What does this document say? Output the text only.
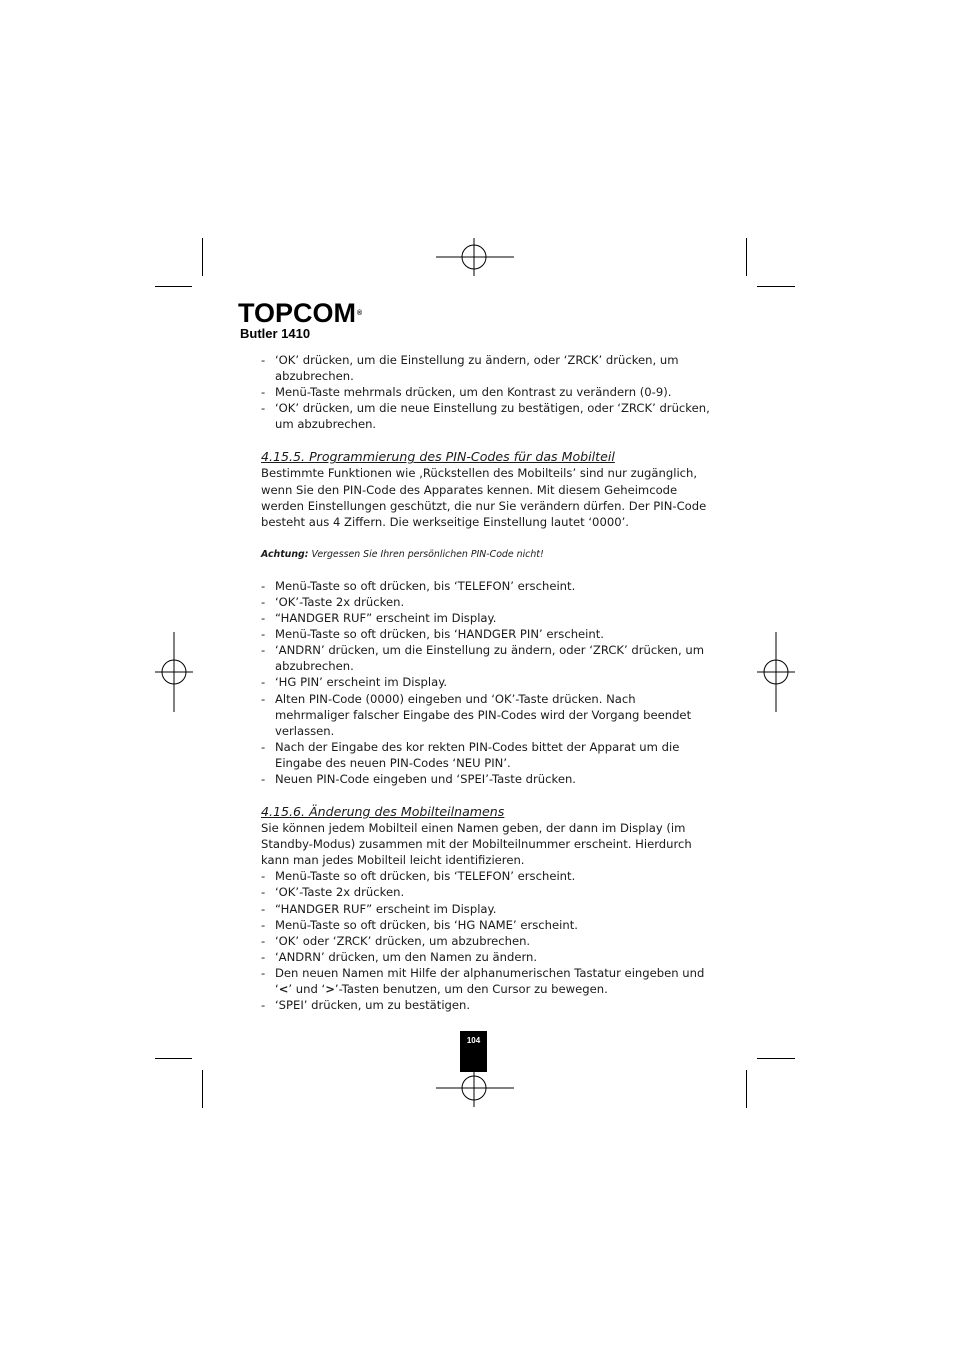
TOPCOM®
Butler 1410
- ‘OK’ drücken, um die Einstellung zu ändern, oder ‘ZRCK’ drücken, um abzubrechen.
- Menü-Taste mehrmals drücken, um den Kontrast zu verändern (0-9).
- ‘OK’ drücken, um die neue Einstellung zu bestätigen, oder ‘ZRCK’ drücken, um abzubrechen.
4.15.5. Programmierung des PIN-Codes für das Mobilteil

Bestimmte Funktionen wie ‚Rückstellen des Mobilteils’ sind nur zugänglich, wenn Sie den PIN-Code des Apparates kennen. Mit diesem Geheimcode werden Einstellungen geschützt, die nur Sie verändern dürfen. Der PIN-Code besteht aus 4 Ziffern. Die werkseitige Einstellung lautet ‘0000’.

Achtung: Vergessen Sie Ihren persönlichen PIN-Code nicht!

- Menü-Taste so oft drücken, bis ‘TELEFON’ erscheint.
- ‘OK’-Taste 2x drücken.
- “HANDGER RUF” erscheint im Display.
- Menü-Taste so oft drücken, bis ‘HANDGER PIN’ erscheint.
- ‘ANDRN’ drücken, um die Einstellung zu ändern, oder ‘ZRCK’ drücken, um abzubrechen.
- ‘HG PIN’ erscheint im Display.
- Alten PIN-Code (0000) eingeben und ‘OK’-Taste drücken. Nach mehrmaliger falscher Eingabe des PIN-Codes wird der Vorgang beendet verlassen.
- Nach der Eingabe des kor rekten PIN-Codes bittet der Apparat um die Eingabe des neuen PIN-Codes ‘NEU PIN’.
- Neuen PIN-Code eingeben und ‘SPEI’-Taste drücken.
4.15.6. Änderung des Mobilteilnamens

Sie können jedem Mobilteil einen Namen geben, der dann im Display (im Standby-Modus) zusammen mit der Mobilteilnummer erscheint. Hierdurch kann man jedes Mobilteil leicht identifizieren.

- Menü-Taste so oft drücken, bis ‘TELEFON’ erscheint.
- ‘OK’-Taste 2x drücken.
- “HANDGER RUF” erscheint im Display.
- Menü-Taste so oft drücken, bis ‘HG NAME’ erscheint.
- ‘OK’ oder ‘ZRCK’ drücken, um abzubrechen.
- ‘ANDRN’ drücken, um den Namen zu ändern.
- Den neuen Namen mit Hilfe der alphanumerischen Tastatur eingeben und ‘<’ und ‘>’-Tasten benutzen, um den Cursor zu bewegen.
- ‘SPEI’ drücken, um zu bestätigen.
104
